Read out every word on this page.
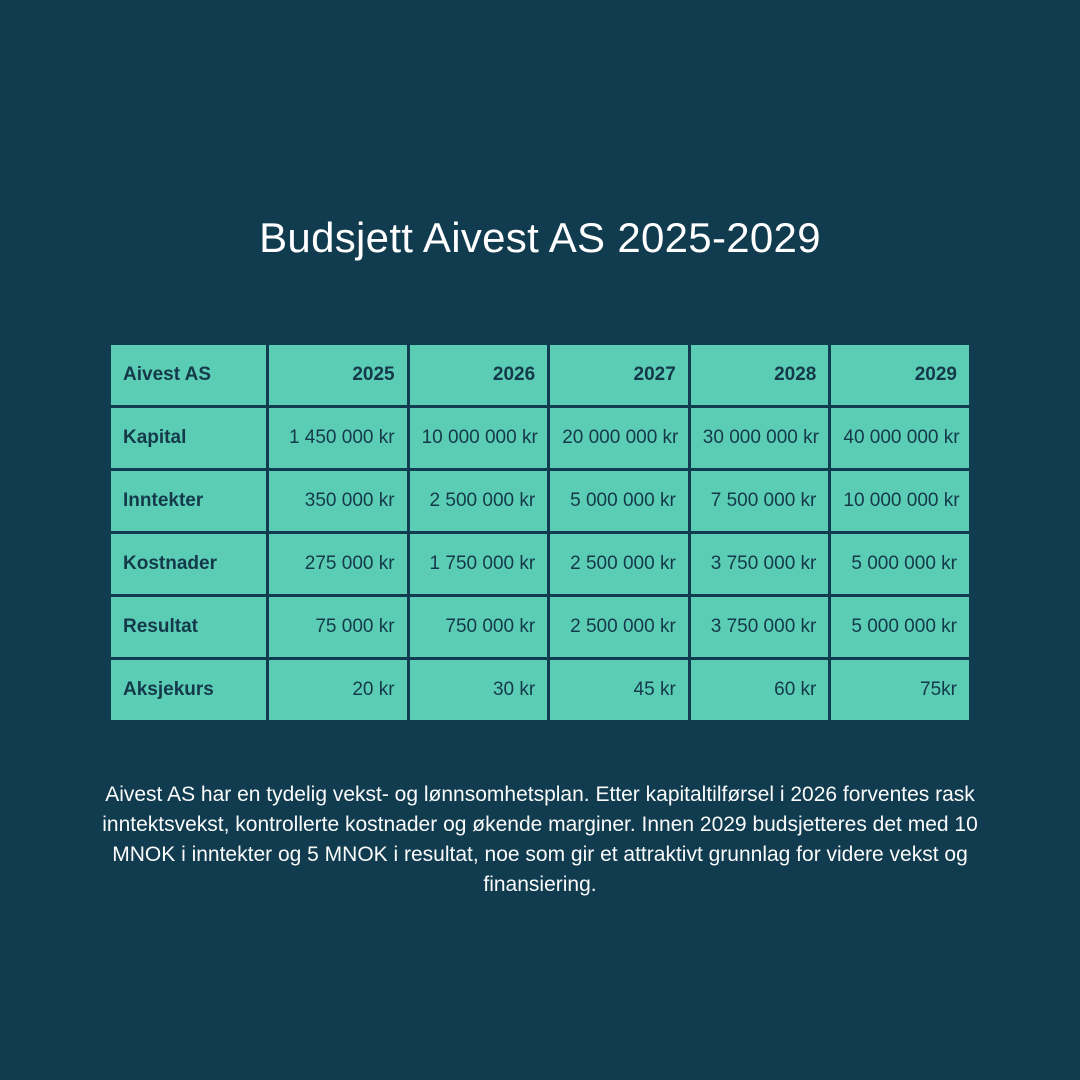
Budsjett Aivest AS 2025-2029
Aivest AS	2025	2026	2027	2028	2029
Kapital	1 450 000 kr	10 000 000 kr	20 000 000 kr	30 000 000 kr	40 000 000 kr
Inntekter	350 000 kr	2 500 000 kr	5 000 000 kr	7 500 000 kr	10 000 000 kr
Kostnader	275 000 kr	1 750 000 kr	2 500 000 kr	3 750 000 kr	5 000 000 kr
Resultat	75 000 kr	750 000 kr	2 500 000 kr	3 750 000 kr	5 000 000 kr
Aksjekurs	20 kr	30 kr	45 kr	60 kr	75kr
Aivest AS har en tydelig vekst- og lønnsomhetsplan. Etter kapitaltilførsel i 2026 forventes rask inntektsvekst, kontrollerte kostnader og økende marginer. Innen 2029 budsjetteres det med 10 MNOK i inntekter og 5 MNOK i resultat, noe som gir et attraktivt grunnlag for videre vekst og finansiering.
